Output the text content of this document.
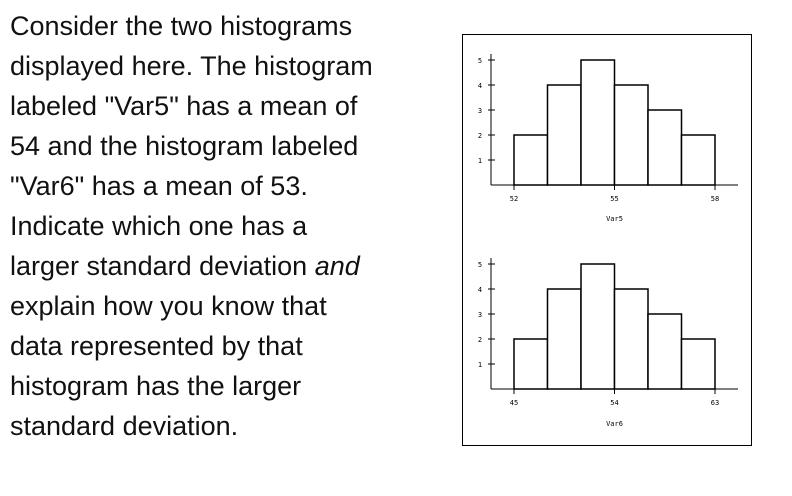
Consider the two histograms
displayed here. The histogram
labeled "Var5" has a mean of
54 and the histogram labeled
"Var6" has a mean of 53.
Indicate which one has a
larger standard deviation and
explain how you know that
data represented by that
histogram has the larger
standard deviation.
1
2
3
4
5
52	55	58
Var5
1
2
3
4
5
45	54	63
Var6
